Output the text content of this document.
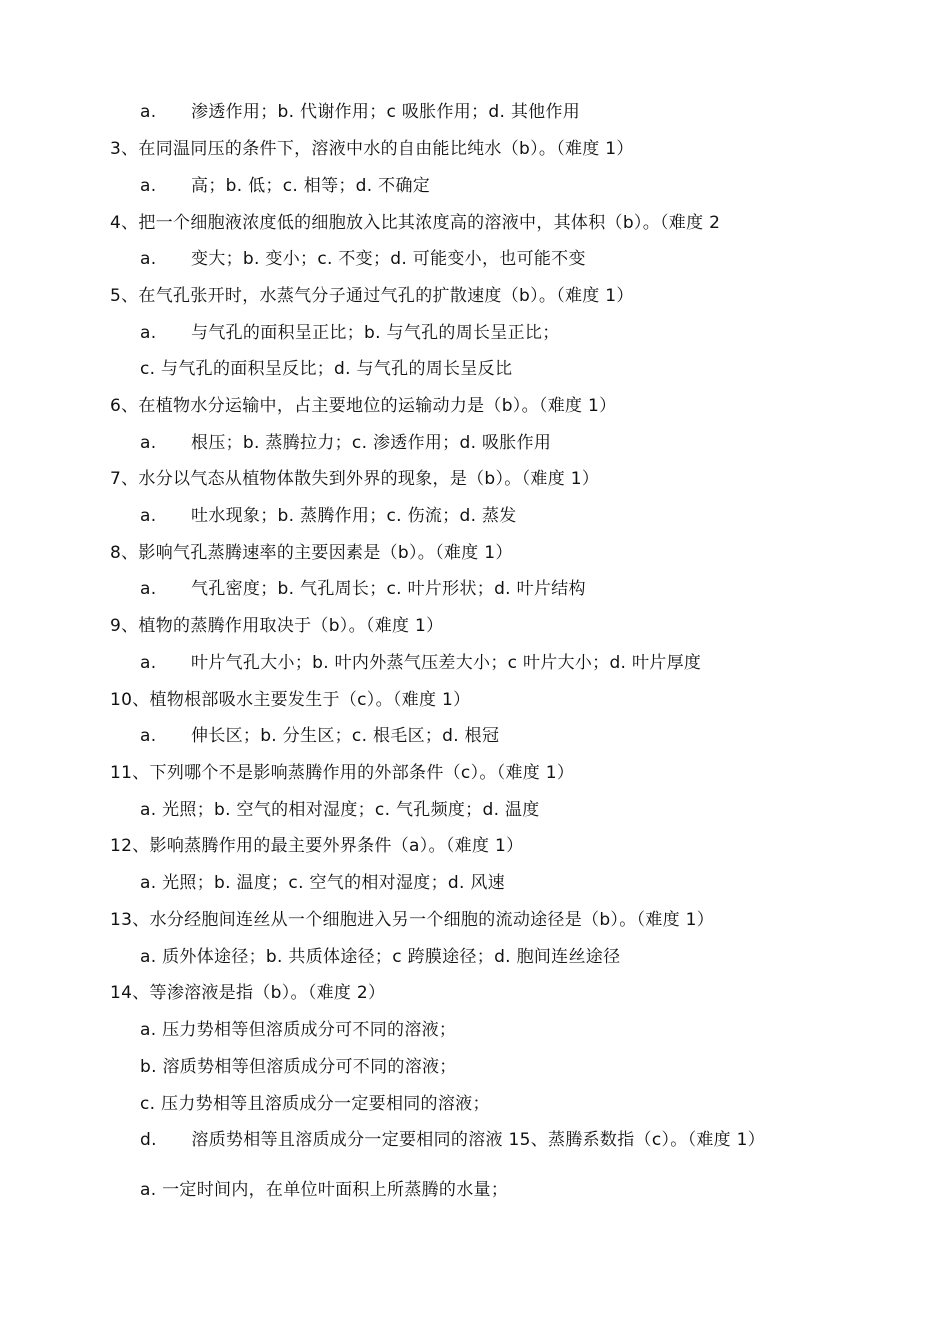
a.　　渗透作用；b. 代谢作用；c 吸胀作用；d. 其他作用
3、在同温同压的条件下，溶液中水的自由能比纯水（b）。（难度 1）
a.　　高；b. 低；c. 相等；d. 不确定
4、把一个细胞液浓度低的细胞放入比其浓度高的溶液中，其体积（b）。（难度 2
a.　　变大；b. 变小；c. 不变；d. 可能变小，也可能不变
5、在气孔张开时，水蒸气分子通过气孔的扩散速度（b）。（难度 1）
a.　　与气孔的面积呈正比；b. 与气孔的周长呈正比；
c. 与气孔的面积呈反比；d. 与气孔的周长呈反比
6、在植物水分运输中，占主要地位的运输动力是（b）。（难度 1）
a.　　根压；b. 蒸腾拉力；c. 渗透作用；d. 吸胀作用
7、水分以气态从植物体散失到外界的现象，是（b）。（难度 1）
a.　　吐水现象；b. 蒸腾作用；c. 伤流；d. 蒸发
8、影响气孔蒸腾速率的主要因素是（b）。（难度 1）
a.　　气孔密度；b. 气孔周长；c. 叶片形状；d. 叶片结构
9、植物的蒸腾作用取决于（b）。（难度 1）
a.　　叶片气孔大小；b. 叶内外蒸气压差大小；c 叶片大小；d. 叶片厚度
10、植物根部吸水主要发生于（c）。（难度 1）
a.　　伸长区；b. 分生区；c. 根毛区；d. 根冠
11、下列哪个不是影响蒸腾作用的外部条件（c）。（难度 1）
a. 光照；b. 空气的相对湿度；c. 气孔频度；d. 温度
12、影响蒸腾作用的最主要外界条件（a）。（难度 1）
a. 光照；b. 温度；c. 空气的相对湿度；d. 风速
13、水分经胞间连丝从一个细胞进入另一个细胞的流动途径是（b）。（难度 1）
a. 质外体途径；b. 共质体途径；c 跨膜途径；d. 胞间连丝途径
14、等渗溶液是指（b）。（难度 2）
a. 压力势相等但溶质成分可不同的溶液；
b. 溶质势相等但溶质成分可不同的溶液；
c. 压力势相等且溶质成分一定要相同的溶液；
d.　　溶质势相等且溶质成分一定要相同的溶液 15、蒸腾系数指（c）。（难度 1）
a. 一定时间内，在单位叶面积上所蒸腾的水量；
